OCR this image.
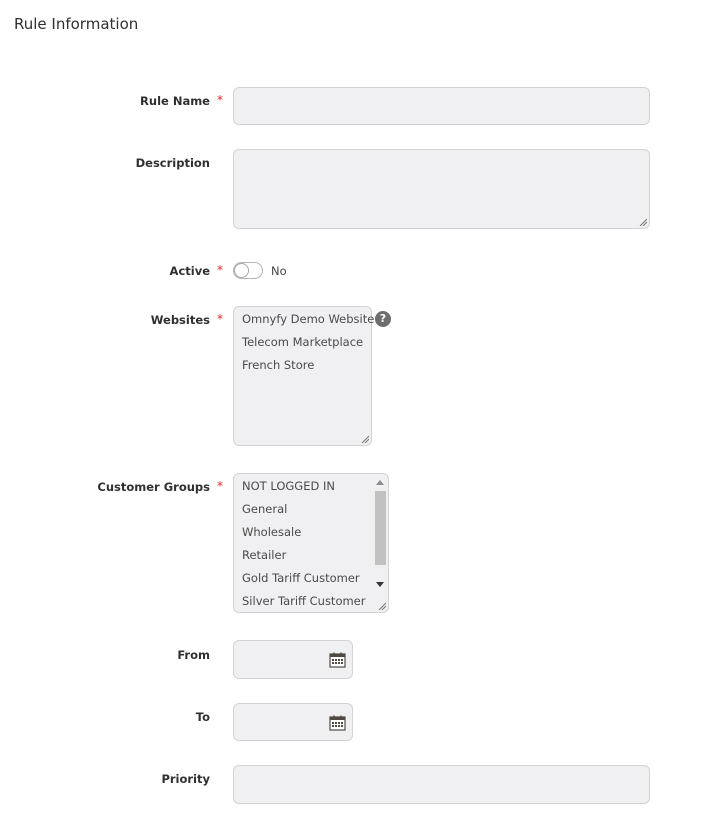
Rule Information
Rule Name *
Description
Active *	No
Websites * Omnyfy Demo Website
Telecom Marketplace
French Store
?
Customer Groups * NOT LOGGED IN
General
Wholesale
Retailer
Gold Tariff Customer
Silver Tariff Customer
From
To
Priority
